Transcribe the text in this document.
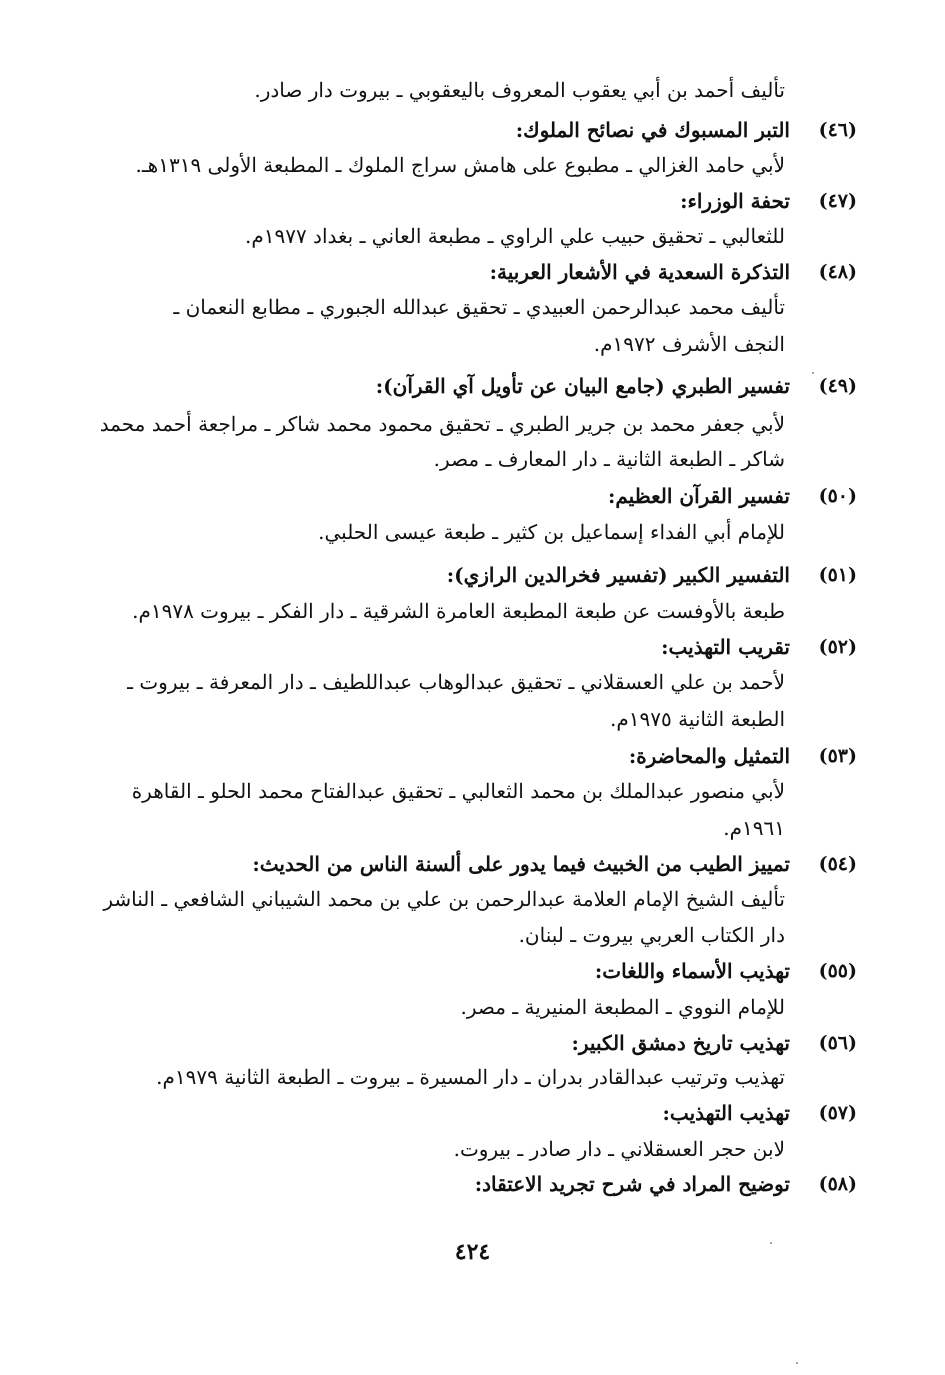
تأليف أحمد بن أبي يعقوب المعروف باليعقوبي ـ بيروت دار صادر.
(٤٦)
التبر المسبوك في نصائح الملوك:
لأبي حامد الغزالي ـ مطبوع على هامش سراج الملوك ـ المطبعة الأولى ١٣١٩هـ.
(٤٧)
تحفة الوزراء:
للثعالبي ـ تحقيق حبيب علي الراوي ـ مطبعة العاني ـ بغداد ١٩٧٧م.
(٤٨)
التذكرة السعدية في الأشعار العربية:
تأليف محمد عبدالرحمن العبيدي ـ تحقيق عبدالله الجبوري ـ مطابع النعمان ـ
النجف الأشرف ١٩٧٢م.
(٤٩)
تفسير الطبري (جامع البيان عن تأويل آي القرآن):
لأبي جعفر محمد بن جرير الطبري ـ تحقيق محمود محمد شاكر ـ مراجعة أحمد محمد
شاكر ـ الطبعة الثانية ـ دار المعارف ـ مصر.
(٥٠)
تفسير القرآن العظيم:
للإمام أبي الفداء إسماعيل بن كثير ـ طبعة عيسى الحلبي.
(٥١)
التفسير الكبير (تفسير فخرالدين الرازي):
طبعة بالأوفست عن طبعة المطبعة العامرة الشرقية ـ دار الفكر ـ بيروت ١٩٧٨م.
(٥٢)
تقريب التهذيب:
لأحمد بن علي العسقلاني ـ تحقيق عبدالوهاب عبداللطيف ـ دار المعرفة ـ بيروت ـ
الطبعة الثانية ١٩٧٥م.
(٥٣)
التمثيل والمحاضرة:
لأبي منصور عبدالملك بن محمد الثعالبي ـ تحقيق عبدالفتاح محمد الحلو ـ القاهرة
١٩٦١م.
(٥٤)
تمييز الطيب من الخبيث فيما يدور على ألسنة الناس من الحديث:
تأليف الشيخ الإمام العلامة عبدالرحمن بن علي بن محمد الشيباني الشافعي ـ الناشر
دار الكتاب العربي بيروت ـ لبنان.
(٥٥)
تهذيب الأسماء واللغات:
للإمام النووي ـ المطبعة المنيرية ـ مصر.
(٥٦)
تهذيب تاريخ دمشق الكبير:
تهذيب وترتيب عبدالقادر بدران ـ دار المسيرة ـ بيروت ـ الطبعة الثانية ١٩٧٩م.
(٥٧)
تهذيب التهذيب:
لابن حجر العسقلاني ـ دار صادر ـ بيروت.
(٥٨)
توضيح المراد في شرح تجريد الاعتقاد:
٤٢٤
